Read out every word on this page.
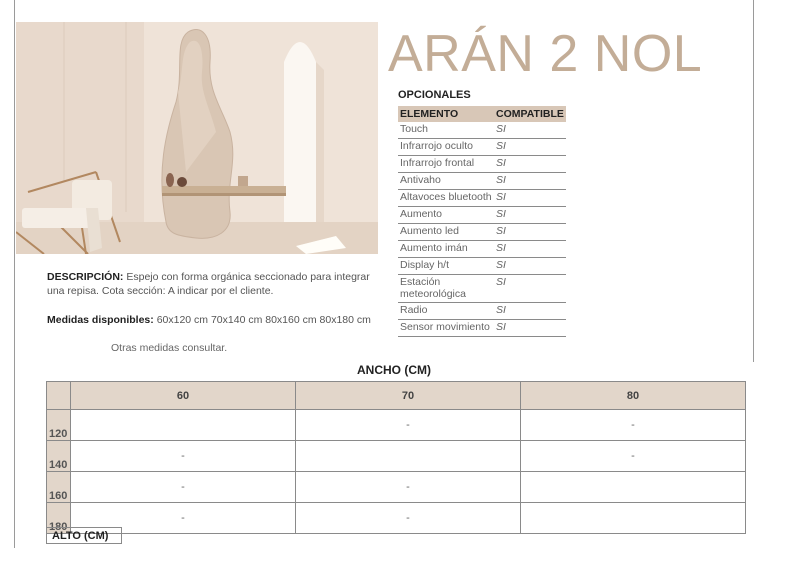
ARÁN 2 NOL
OPCIONALES
ELEMENTO	COMPATIBLE
Touch	SI
Infrarrojo oculto	SI
Infrarrojo frontal	SI
Antivaho	SI
Altavoces bluetooth	SI
Aumento	SI
Aumento led	SI
Aumento imán	SI
Display h/t	SI
Estación meteorológica	SI
Radio	SI
Sensor movimiento	SI
DESCRIPCIÓN: Espejo con forma orgánica seccionado para integrar una repisa. Cota sección: A indicar por el cliente.
Medidas disponibles: 60x120 cm 70x140 cm 80x160 cm 80x180 cm
Otras medidas consultar.
ANCHO (CM)
	60	70	80
120		-	-
140	-		-
160	-	-	
180	-	-	
ALTO (CM)
